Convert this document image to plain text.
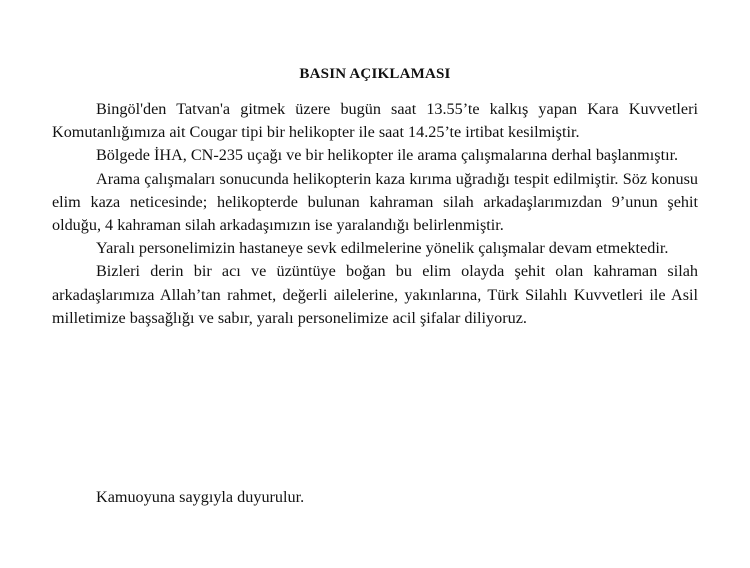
BASIN AÇIKLAMASI

Bingöl'den Tatvan'a gitmek üzere bugün saat 13.55’te kalkış yapan Kara Kuvvetleri Komutanlığımıza ait Cougar tipi bir helikopter ile saat 14.25’te irtibat kesilmiştir.

Bölgede İHA, CN-235 uçağı ve bir helikopter ile arama çalışmalarına derhal başlanmıştır.

Arama çalışmaları sonucunda helikopterin kaza kırıma uğradığı tespit edilmiştir. Söz konusu elim kaza neticesinde; helikopterde bulunan kahraman silah arkadaşlarımızdan 9’unun şehit olduğu, 4 kahraman silah arkadaşımızın ise yaralandığı belirlenmiştir.

Yaralı personelimizin hastaneye sevk edilmelerine yönelik çalışmalar devam etmektedir.

Bizleri derin bir acı ve üzüntüye boğan bu elim olayda şehit olan kahraman silah arkadaşlarımıza Allah’tan rahmet, değerli ailelerine, yakınlarına, Türk Silahlı Kuvvetleri ile Asil milletimize başsağlığı ve sabır, yaralı personelimize acil şifalar diliyoruz.

Kamuoyuna saygıyla duyurulur.
